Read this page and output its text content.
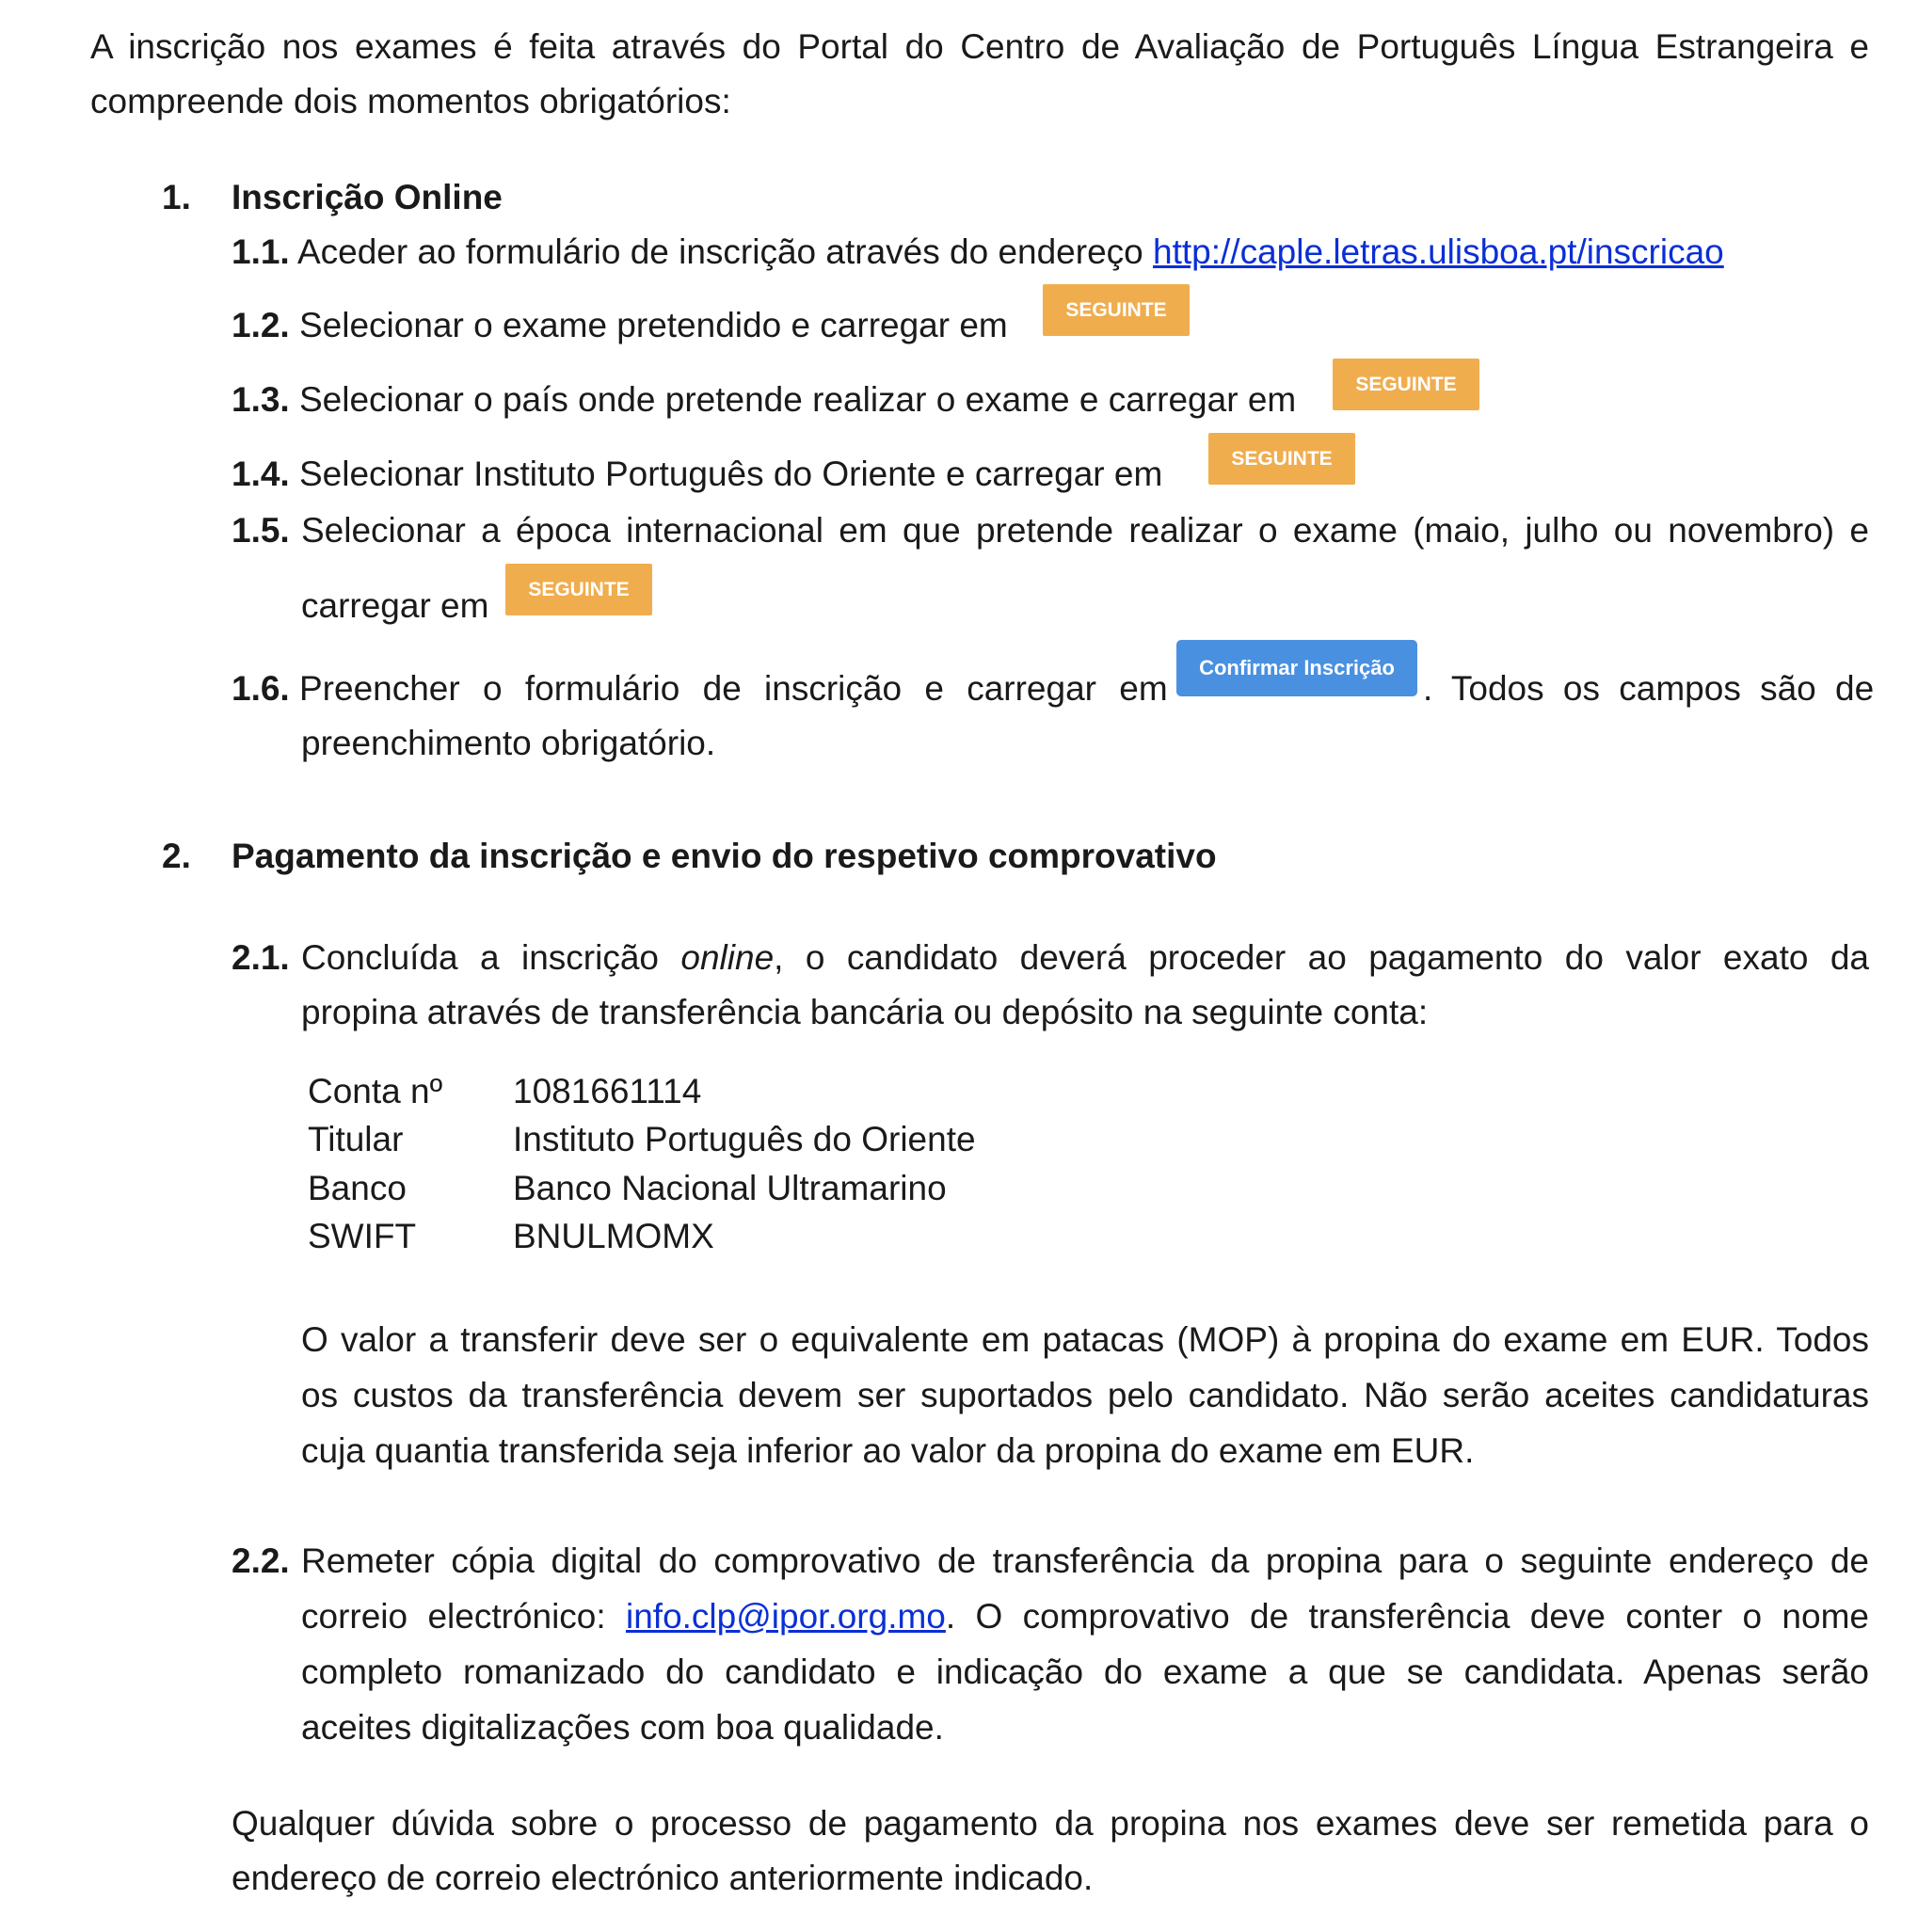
A inscrição nos exames é feita através do Portal do Centro de Avaliação de Português Língua Estrangeira e
compreende dois momentos obrigatórios:
1. Inscrição Online
1.1. Aceder ao formulário de inscrição através do endereço http://caple.letras.ulisboa.pt/inscricao
1.2. Selecionar o exame pretendido e carregar em	SEGUINTE
1.3. Selecionar o país onde pretende realizar o exame e carregar em	SEGUINTE
1.4. Selecionar Instituto Português do Oriente e carregar em	SEGUINTE
1.5. Selecionar a época internacional em que pretende realizar o exame (maio, julho ou novembro) e
carregar em	SEGUINTE
1.6. Preencher o formulário de inscrição e carregar em
Confirmar Inscrição
. Todos os campos são de
preenchimento obrigatório.
2. Pagamento da inscrição e envio do respetivo comprovativo
2.1. Concluída a inscrição online, o candidato deverá proceder ao pagamento do valor exato da
propina através de transferência bancária ou depósito na seguinte conta:
Conta nº 1081661114
Titular	Instituto Português do Oriente
Banco	Banco Nacional Ultramarino
SWIFT	BNULMOMX
O valor a transferir deve ser o equivalente em patacas (MOP) à propina do exame em EUR. Todos
os custos da transferência devem ser suportados pelo candidato. Não serão aceites candidaturas
cuja quantia transferida seja inferior ao valor da propina do exame em EUR.
2.2. Remeter cópia digital do comprovativo de transferência da propina para o seguinte endereço de
correio electrónico: info.clp@ipor.org.mo. O comprovativo de transferência deve conter o nome
completo romanizado do candidato e indicação do exame a que se candidata. Apenas serão
aceites digitalizações com boa qualidade.
Qualquer dúvida sobre o processo de pagamento da propina nos exames deve ser remetida para o
endereço de correio electrónico anteriormente indicado.
